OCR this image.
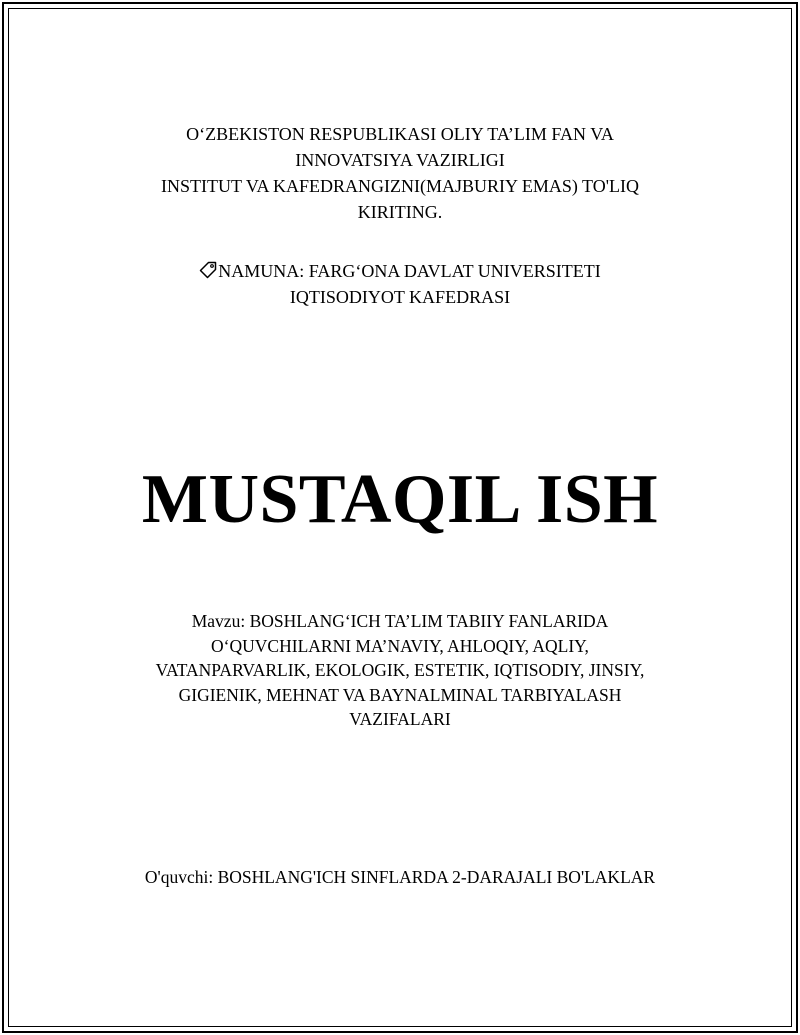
O‘ZBEKISTON RESPUBLIKASI OLIY TA’LIM FAN VA
INNOVATSIYA VAZIRLIGI
INSTITUT VA KAFEDRANGIZNI(MAJBURIY EMAS) TO'LIQ
KIRITING.
NAMUNA: FARG‘ONA DAVLAT UNIVERSITETI
IQTISODIYOT KAFEDRASI
MUSTAQIL ISH
Mavzu: BOSHLANG‘ICH TA’LIM TABIIY FANLARIDA
O‘QUVCHILARNI MA’NAVIY, AHLOQIY, AQLIY,
VATANPARVARLIK, EKOLOGIK, ESTETIK, IQTISODIY, JINSIY,
GIGIENIK, MEHNAT VA BAYNALMINAL TARBIYALASH
VAZIFALARI
O'quvchi: BOSHLANG'ICH SINFLARDA 2-DARAJALI BO'LAKLAR
